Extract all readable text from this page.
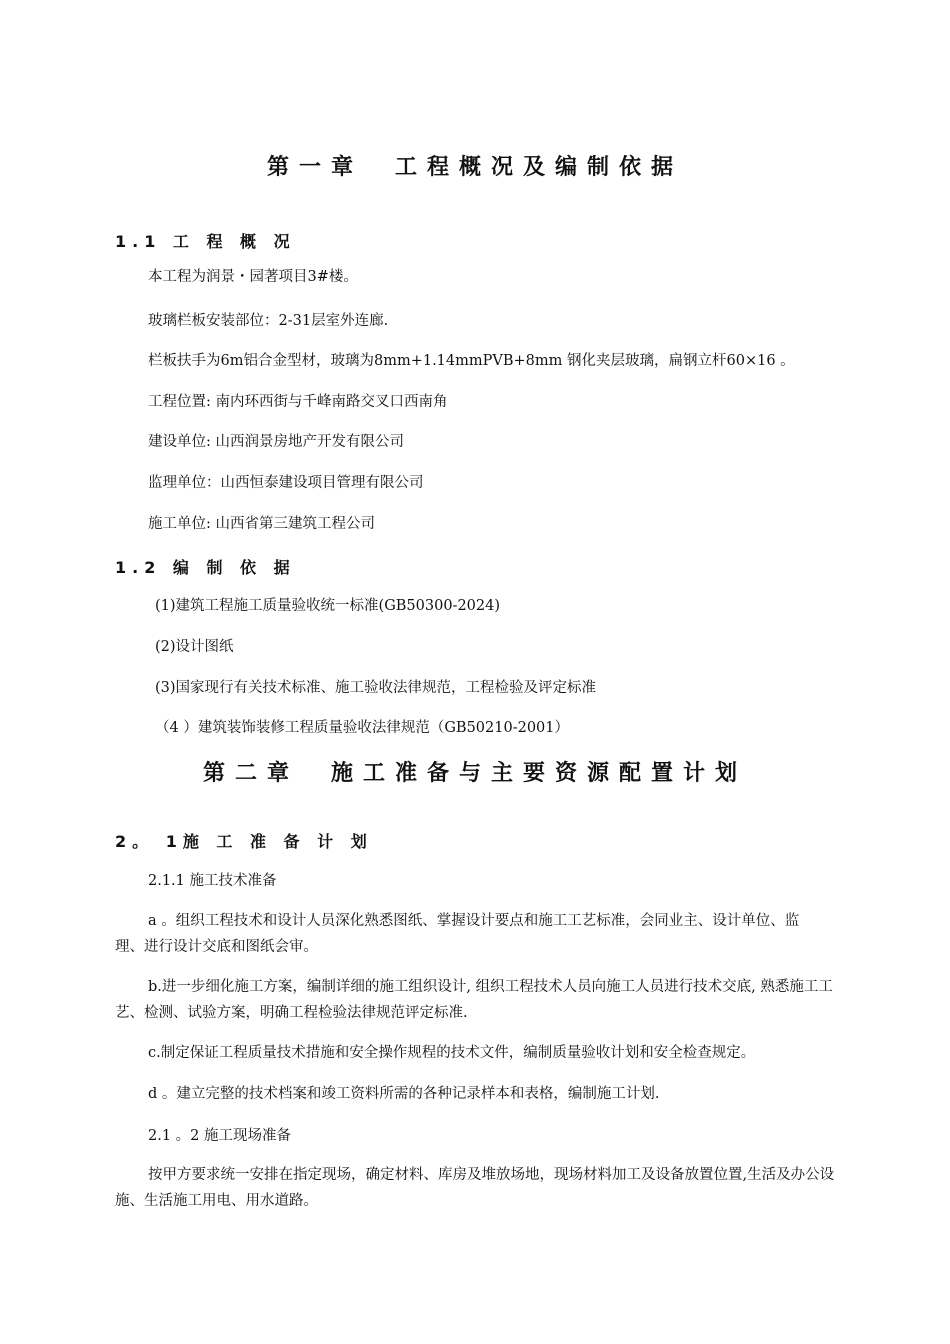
第一章　工程概况及编制依据
1.1 工 程 概 况
本工程为润景・园著项目3#楼。
玻璃栏板安装部位：2-31层室外连廊.
栏板扶手为6m铝合金型材，玻璃为8mm+1.14mmPVB+8mm 钢化夹层玻璃，扁钢立杆60×16 。
工程位置: 南内环西街与千峰南路交叉口西南角
建设单位: 山西润景房地产开发有限公司
监理单位：山西恒泰建设项目管理有限公司
施工单位: 山西省第三建筑工程公司
1.2 编 制 依 据
(1)建筑工程施工质量验收统一标准(GB50300-2024)
(2)设计图纸
(3)国家现行有关技术标准、施工验收法律规范，工程检验及评定标准
（4 ）建筑装饰装修工程质量验收法律规范（GB50210-2001）
第二章　施工准备与主要资源配置计划
2。 1施 工 准 备 计 划
2.1.1 施工技术准备
a 。组织工程技术和设计人员深化熟悉图纸、掌握设计要点和施工工艺标准，会同业主、设计单位、监　　　理、进行设计交底和图纸会审。
b.进一步细化施工方案，编制详细的施工组织设计, 组织工程技术人员向施工人员进行技术交底, 熟悉施工工艺、检测、试验方案，明确工程检验法律规范评定标准.
c.制定保证工程质量技术措施和安全操作规程的技术文件，编制质量验收计划和安全检查规定。
d 。建立完整的技术档案和竣工资料所需的各种记录样本和表格，编制施工计划.
2.1 。2 施工现场准备
按甲方要求统一安排在指定现场，确定材料、库房及堆放场地，现场材料加工及设备放置位置,生活及办公设施、生活施工用电、用水道路。
